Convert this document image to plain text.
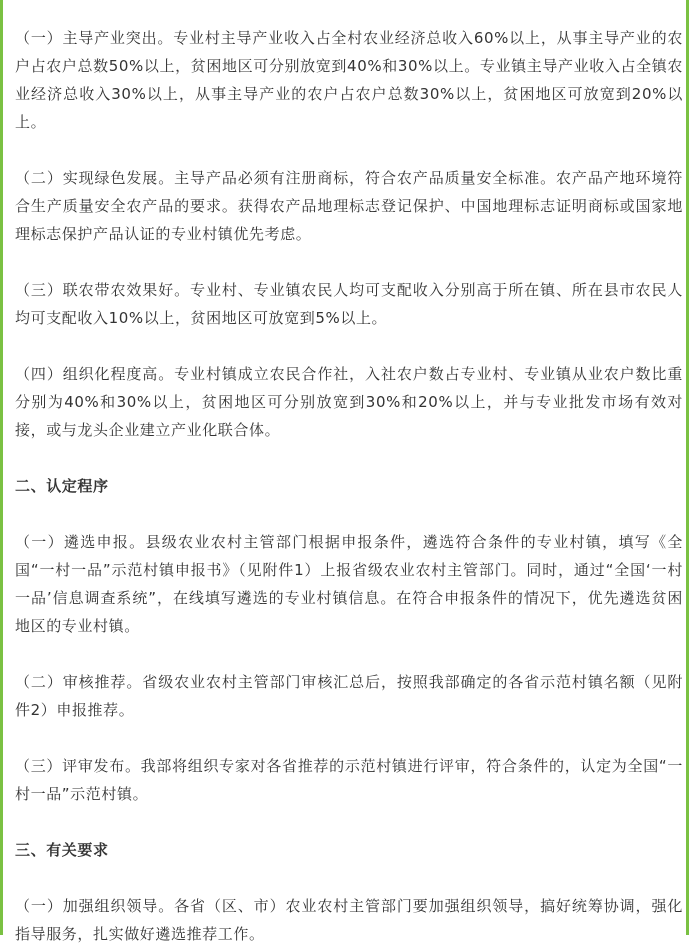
（一）主导产业突出。专业村主导产业收入占全村农业经济总收入60%以上，从事主导产业的农户占农户总数50%以上，贫困地区可分别放宽到40%和30%以上。专业镇主导产业收入占全镇农业经济总收入30%以上，从事主导产业的农户占农户总数30%以上，贫困地区可放宽到20%以上。

（二）实现绿色发展。主导产品必须有注册商标，符合农产品质量安全标准。农产品产地环境符合生产质量安全农产品的要求。获得农产品地理标志登记保护、中国地理标志证明商标或国家地理标志保护产品认证的专业村镇优先考虑。

（三）联农带农效果好。专业村、专业镇农民人均可支配收入分别高于所在镇、所在县市农民人均可支配收入10%以上，贫困地区可放宽到5%以上。

（四）组织化程度高。专业村镇成立农民合作社，入社农户数占专业村、专业镇从业农户数比重分别为40%和30%以上，贫困地区可分别放宽到30%和20%以上，并与专业批发市场有效对接，或与龙头企业建立产业化联合体。

二、认定程序

（一）遴选申报。县级农业农村主管部门根据申报条件，遴选符合条件的专业村镇，填写《全国“一村一品”示范村镇申报书》（见附件1）上报省级农业农村主管部门。同时，通过“全国‘一村一品’信息调查系统”，在线填写遴选的专业村镇信息。在符合申报条件的情况下，优先遴选贫困地区的专业村镇。

（二）审核推荐。省级农业农村主管部门审核汇总后，按照我部确定的各省示范村镇名额（见附件2）申报推荐。

（三）评审发布。我部将组织专家对各省推荐的示范村镇进行评审，符合条件的，认定为全国“一村一品”示范村镇。

三、有关要求

（一）加强组织领导。各省（区、市）农业农村主管部门要加强组织领导，搞好统筹协调，强化指导服务，扎实做好遴选推荐工作。
